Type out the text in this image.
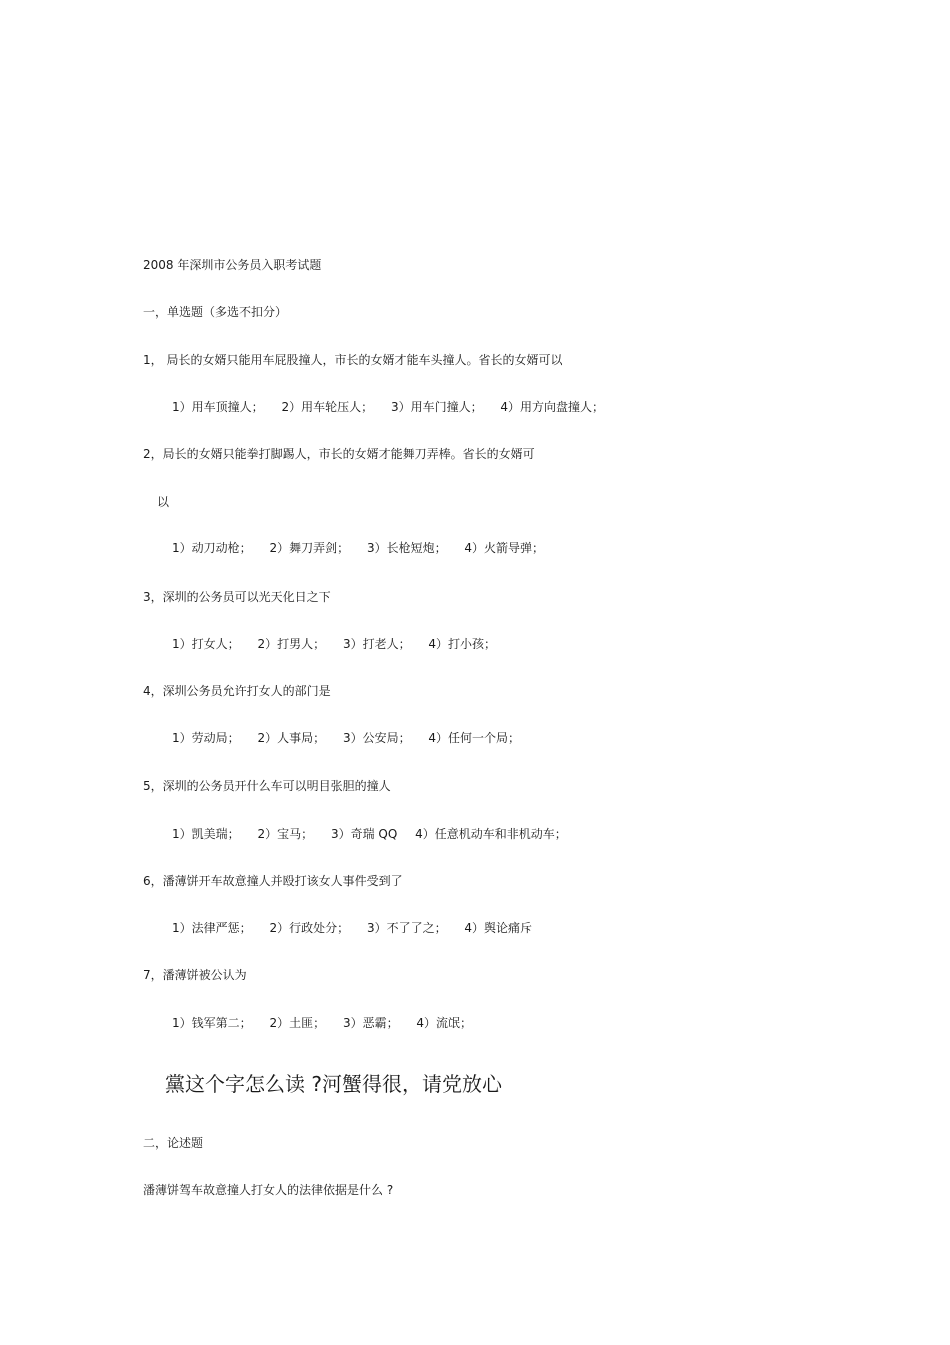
2008 年深圳市公务员入职考试题
一，单选题（多选不扣分）
1， 局长的女婿只能用车屁股撞人，市长的女婿才能车头撞人。省长的女婿可以
1）用车顶撞人； 2）用车轮压人； 3）用车门撞人； 4）用方向盘撞人；
2，局长的女婿只能拳打脚踢人，市长的女婿才能舞刀弄棒。省长的女婿可
以
1）动刀动枪； 2）舞刀弄剑； 3）长枪短炮； 4）火箭导弹；
3，深圳的公务员可以光天化日之下
1）打女人； 2）打男人； 3）打老人； 4）打小孩；
4，深圳公务员允许打女人的部门是
1）劳动局； 2）人事局； 3）公安局； 4）任何一个局；
5，深圳的公务员开什么车可以明目张胆的撞人
1）凯美瑞； 2）宝马； 3）奇瑞 QQ 4）任意机动车和非机动车；
6，潘薄饼开车故意撞人并殴打该女人事件受到了
1）法律严惩； 2）行政处分； 3）不了了之； 4）舆论痛斥
7，潘薄饼被公认为
1）钱军第二； 2）土匪； 3）恶霸； 4）流氓；
黨这个字怎么读 ?河蟹得很，请党放心
二，论述题
潘薄饼驾车故意撞人打女人的法律依据是什么 ?
